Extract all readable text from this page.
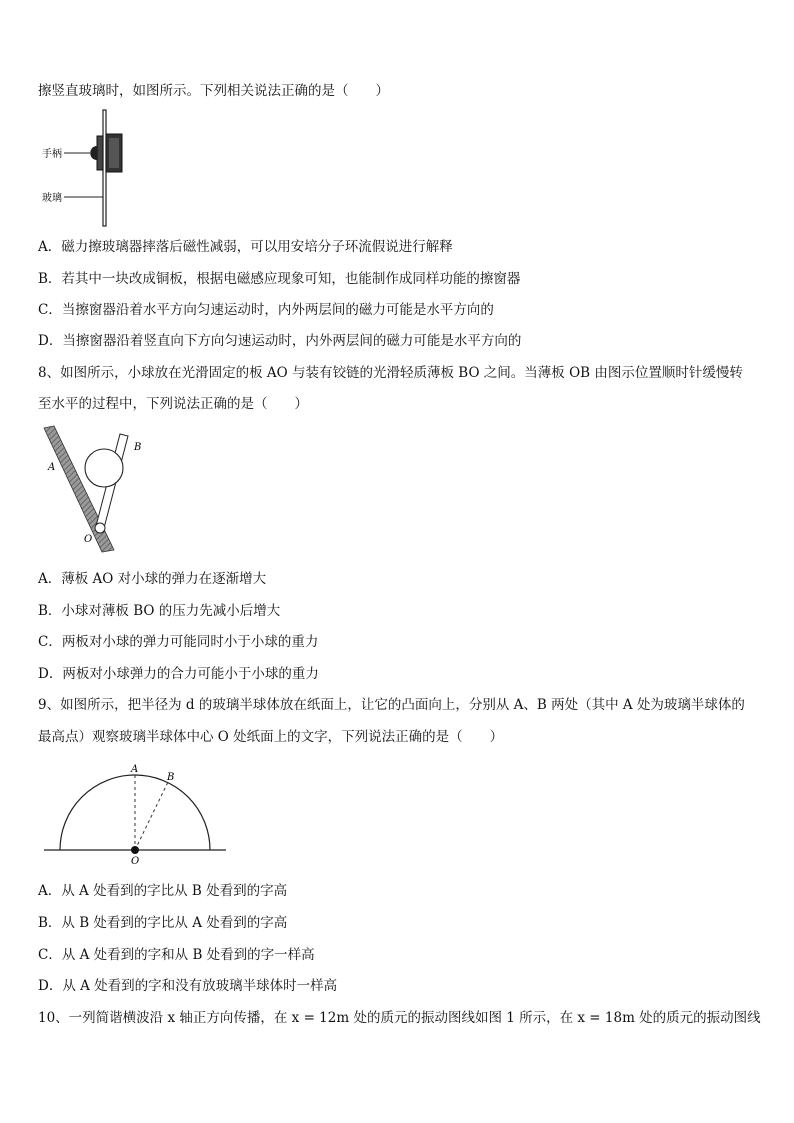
擦竖直玻璃时，如图所示。下列相关说法正确的是（　　）
手柄
玻璃
A．磁力擦玻璃器摔落后磁性减弱，可以用安培分子环流假说进行解释
B．若其中一块改成铜板，根据电磁感应现象可知，也能制作成同样功能的擦窗器
C．当擦窗器沿着水平方向匀速运动时，内外两层间的磁力可能是水平方向的
D．当擦窗器沿着竖直向下方向匀速运动时，内外两层间的磁力可能是水平方向的
8、如图所示，小球放在光滑固定的板 AO 与装有铰链的光滑轻质薄板 BO 之间。当薄板 OB 由图示位置顺时针缓慢转
至水平的过程中，下列说法正确的是（　　）
A
B
O
A．薄板 AO 对小球的弹力在逐渐增大
B．小球对薄板 BO 的压力先减小后增大
C．两板对小球的弹力可能同时小于小球的重力
D．两板对小球弹力的合力可能小于小球的重力
9、如图所示，把半径为 d 的玻璃半球体放在纸面上，让它的凸面向上，分别从 A、B 两处（其中 A 处为玻璃半球体的
最高点）观察玻璃半球体中心 O 处纸面上的文字，下列说法正确的是（　　）
A
B
O
A．从 A 处看到的字比从 B 处看到的字高
B．从 B 处看到的字比从 A 处看到的字高
C．从 A 处看到的字和从 B 处看到的字一样高
D．从 A 处看到的字和没有放玻璃半球体时一样高
10、一列简谐横波沿 x 轴正方向传播，在 x = 12m 处的质元的振动图线如图 1 所示，在 x = 18m 处的质元的振动图线
